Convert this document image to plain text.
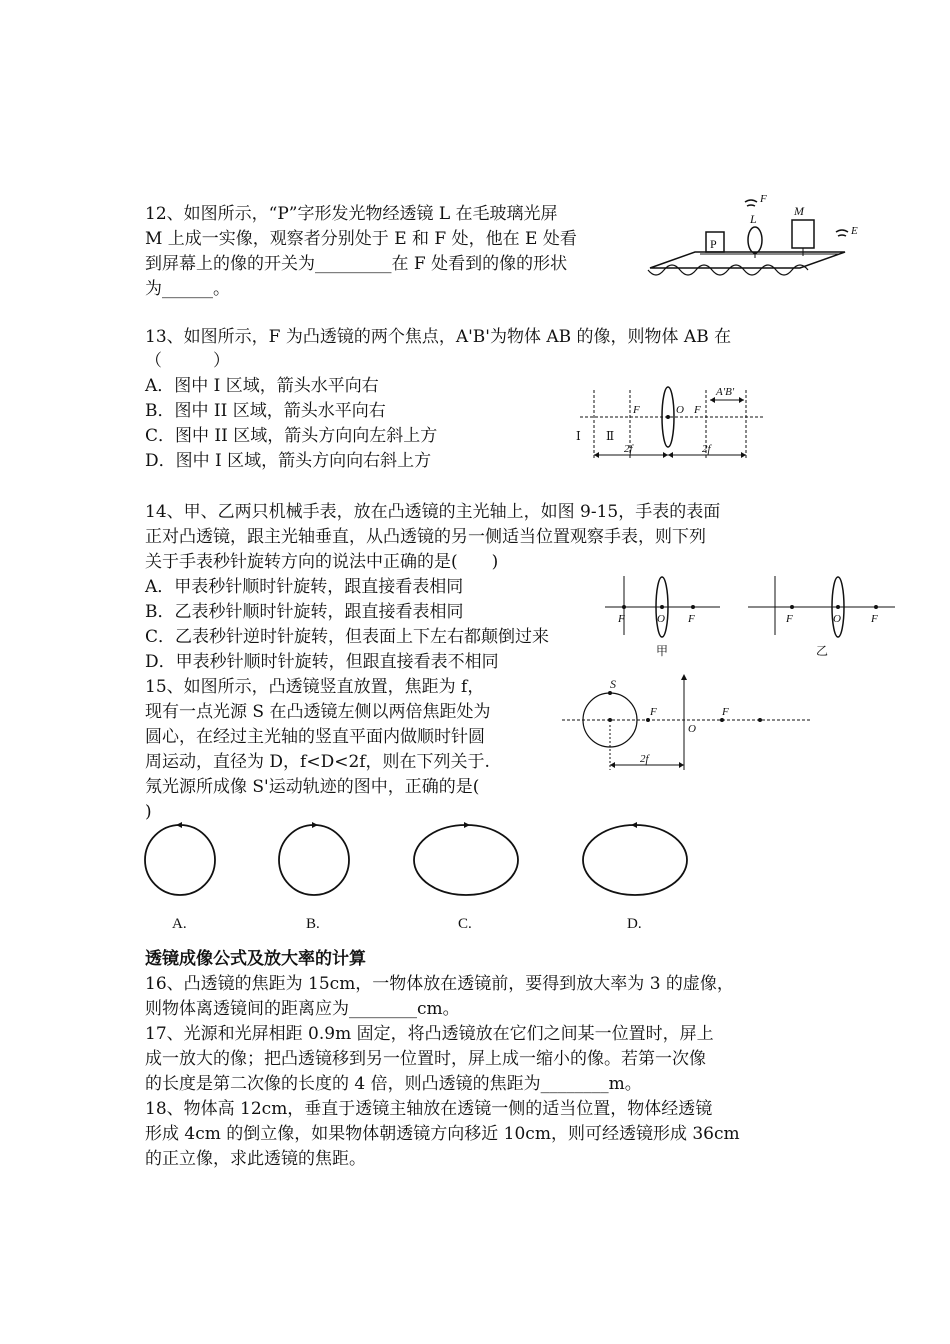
12、如图所示，“P”字形发光物经透镜 L 在毛玻璃光屏
M 上成一实像，观察者分别处于 E 和 F 处，他在 E 处看
到屏幕上的像的开关为_________在 F 处看到的像的形状
为______。
P
L
M
F
E
13、如图所示，F 为凸透镜的两个焦点，A'B'为物体 AB 的像，则物体 AB 在
（　　　）
A．图中 I 区域，箭头水平向右
B．图中 II 区域，箭头水平向右
C．图中 II 区域，箭头方向向左斜上方
D．图中 I 区域，箭头方向向右斜上方
A'B'
F	O F
Ⅰ Ⅱ
2f	2f
14、甲、乙两只机械手表，放在凸透镜的主光轴上，如图 9-15，手表的表面
正对凸透镜，跟主光轴垂直，从凸透镜的另一侧适当位置观察手表，则下列
关于手表秒针旋转方向的说法中正确的是(　　)
A．甲表秒针顺时针旋转，跟直接看表相同
B．乙表秒针顺时针旋转，跟直接看表相同
C．乙表秒针逆时针旋转，但表面上下左右都颠倒过来
D．甲表秒针顺时针旋转，但跟直接看表不相同
F	O F
甲
F	O	F
乙
15、如图所示，凸透镜竖直放置，焦距为 f，
现有一点光源 S 在凸透镜左侧以两倍焦距处为
圆心，在经过主光轴的竖直平面内做顺时针圆
周运动，直径为 D，f<D<2f，则在下列关于.
氖光源所成像 S'运动轨迹的图中，正确的是(
)
S
F
O
F
2f
A.	B.	C.	D.
透镜成像公式及放大率的计算
16、凸透镜的焦距为 15cm，一物体放在透镜前，要得到放大率为 3 的虚像，
则物体离透镜间的距离应为________cm。
17、光源和光屏相距 0.9m 固定，将凸透镜放在它们之间某一位置时，屏上
成一放大的像；把凸透镜移到另一位置时，屏上成一缩小的像。若第一次像
的长度是第二次像的长度的 4 倍，则凸透镜的焦距为________m。
18、物体高 12cm，垂直于透镜主轴放在透镜一侧的适当位置，物体经透镜
形成 4cm 的倒立像，如果物体朝透镜方向移近 10cm，则可经透镜形成 36cm
的正立像，求此透镜的焦距。
